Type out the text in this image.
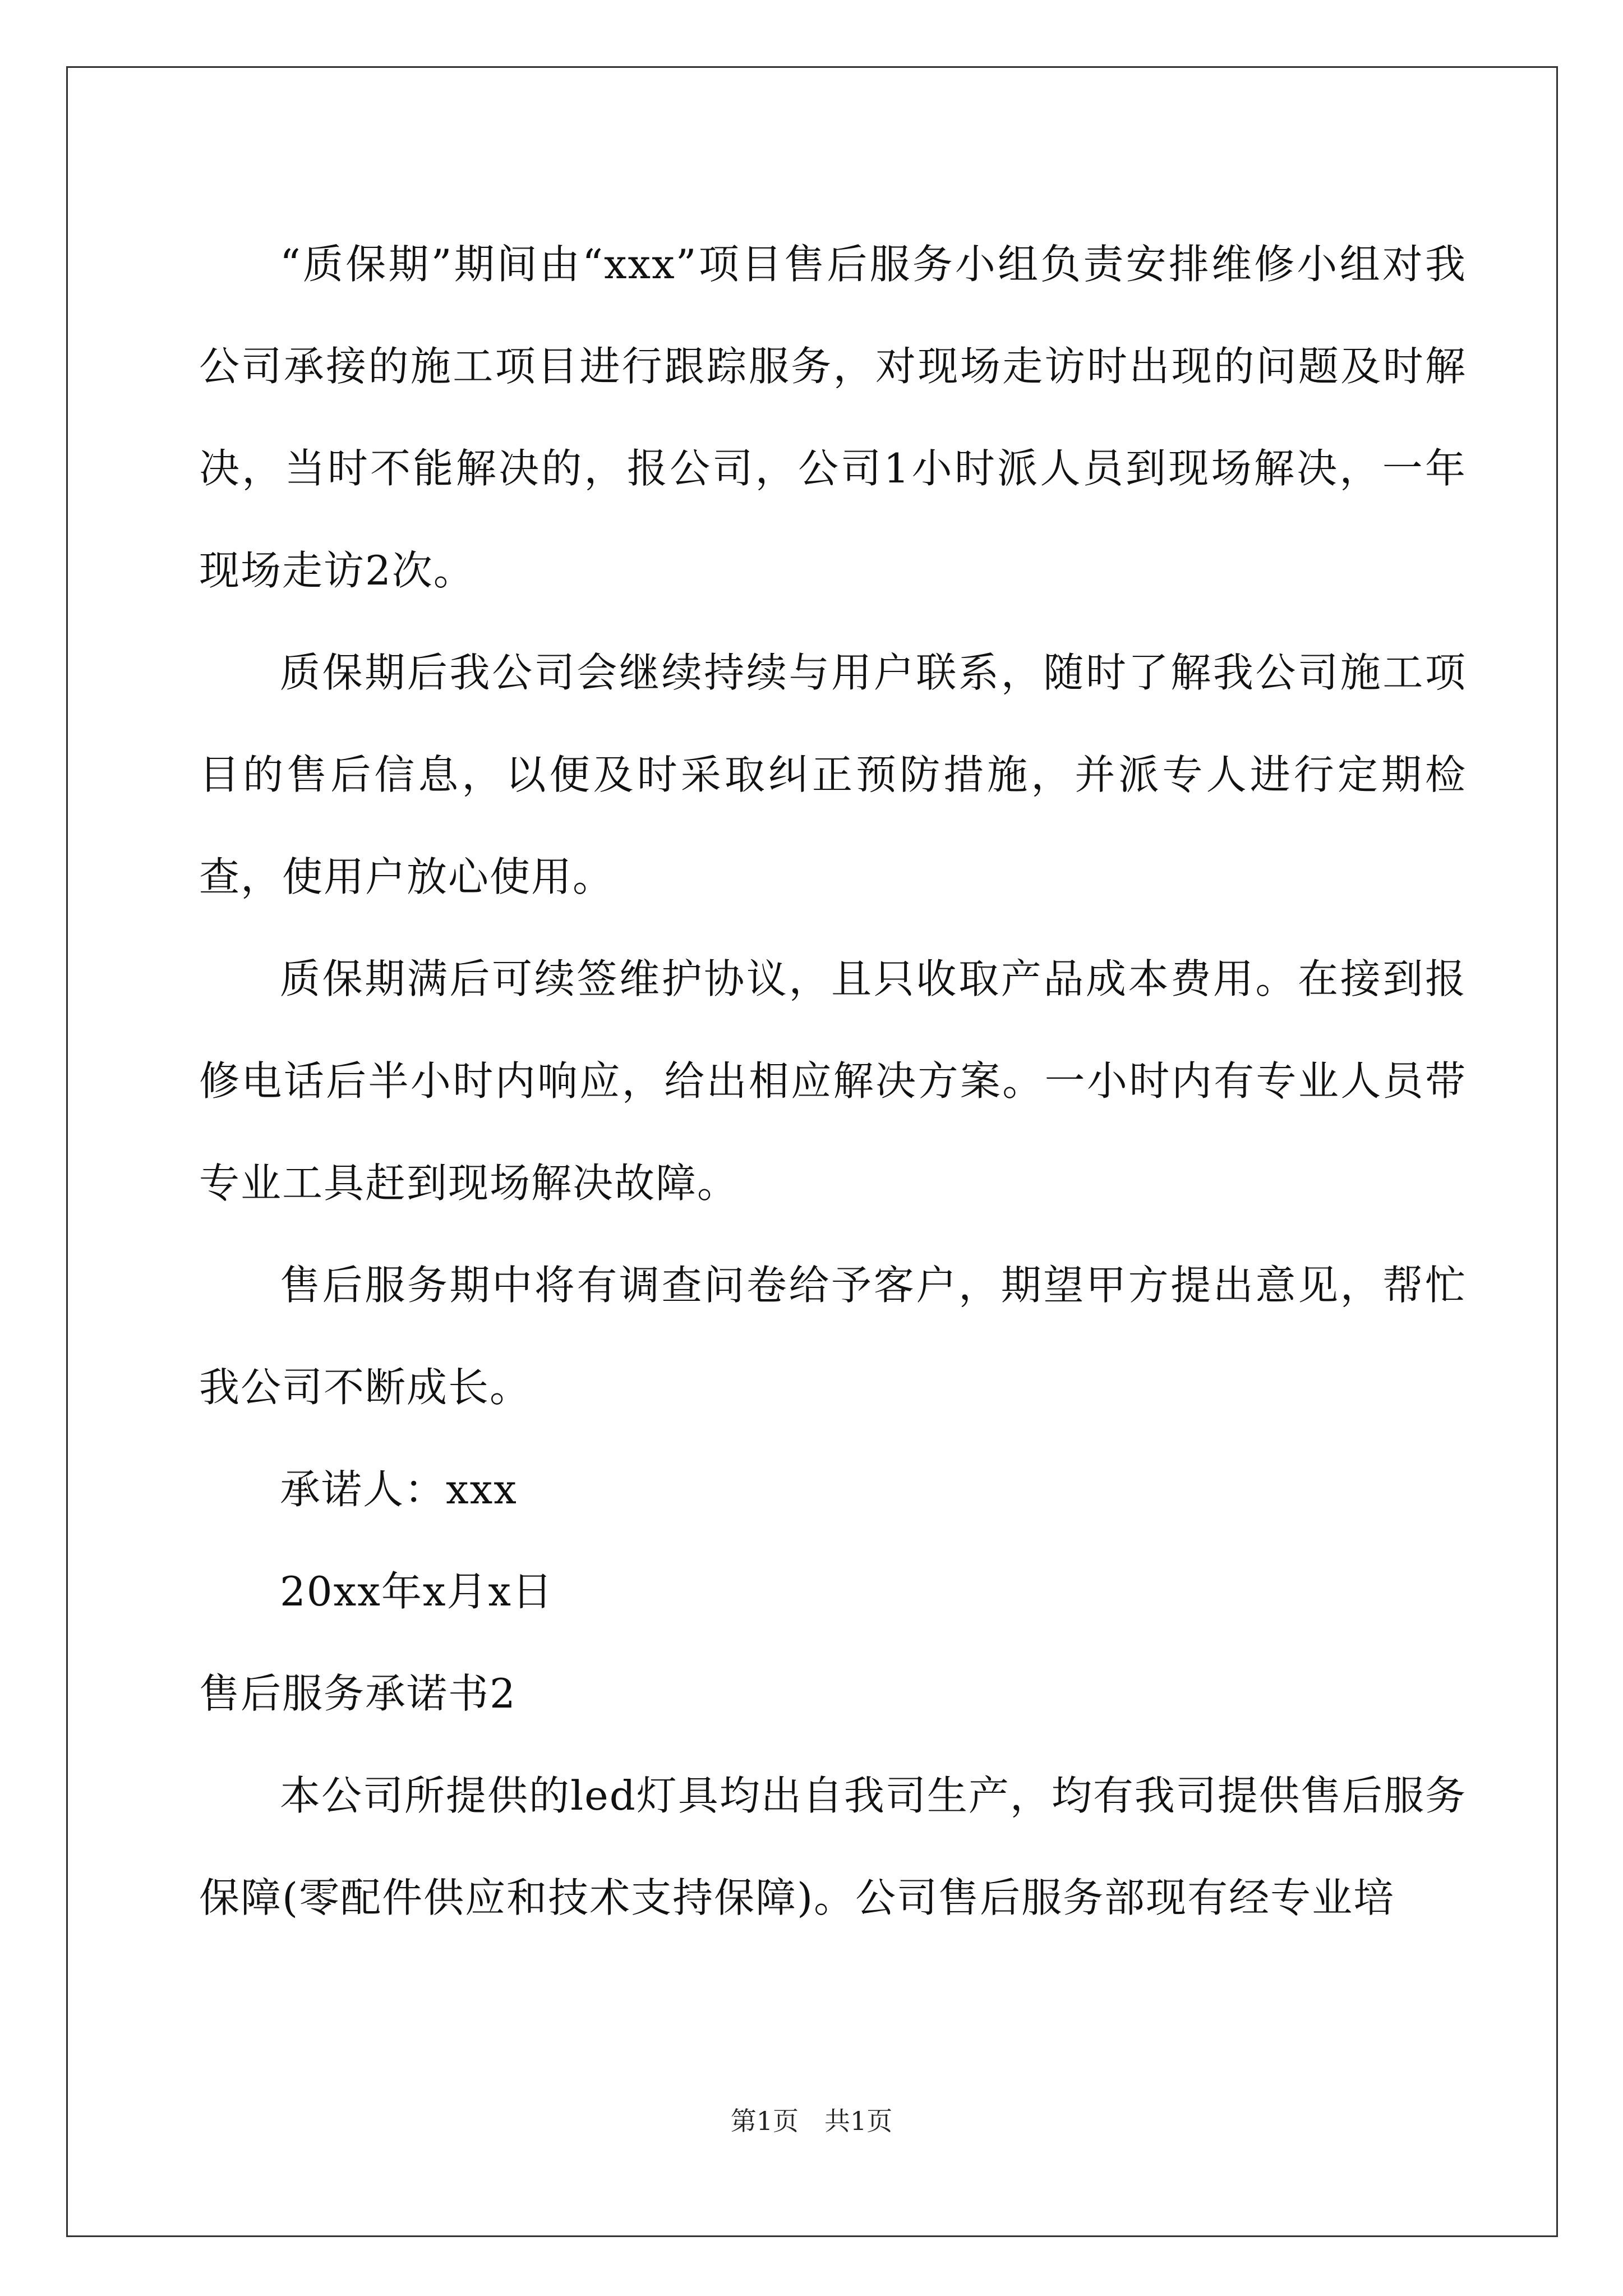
“质保期”期间由“xxx”项目售后服务小组负责安排维修小组对我公司承接的施工项目进行跟踪服务，对现场走访时出现的问题及时解决，当时不能解决的，报公司，公司1小时派人员到现场解决，一年现场走访2次。

质保期后我公司会继续持续与用户联系，随时了解我公司施工项目的售后信息，以便及时采取纠正预防措施，并派专人进行定期检查，使用户放心使用。

质保期满后可续签维护协议，且只收取产品成本费用。在接到报修电话后半小时内响应，给出相应解决方案。一小时内有专业人员带专业工具赶到现场解决故障。

售后服务期中将有调查问卷给予客户，期望甲方提出意见，帮忙我公司不断成长。

承诺人：xxx

20xx年x月x日

售后服务承诺书2

本公司所提供的led灯具均出自我司生产，均有我司提供售后服务保障(零配件供应和技术支持保障)。公司售后服务部现有经专业培

第1页　共1页
